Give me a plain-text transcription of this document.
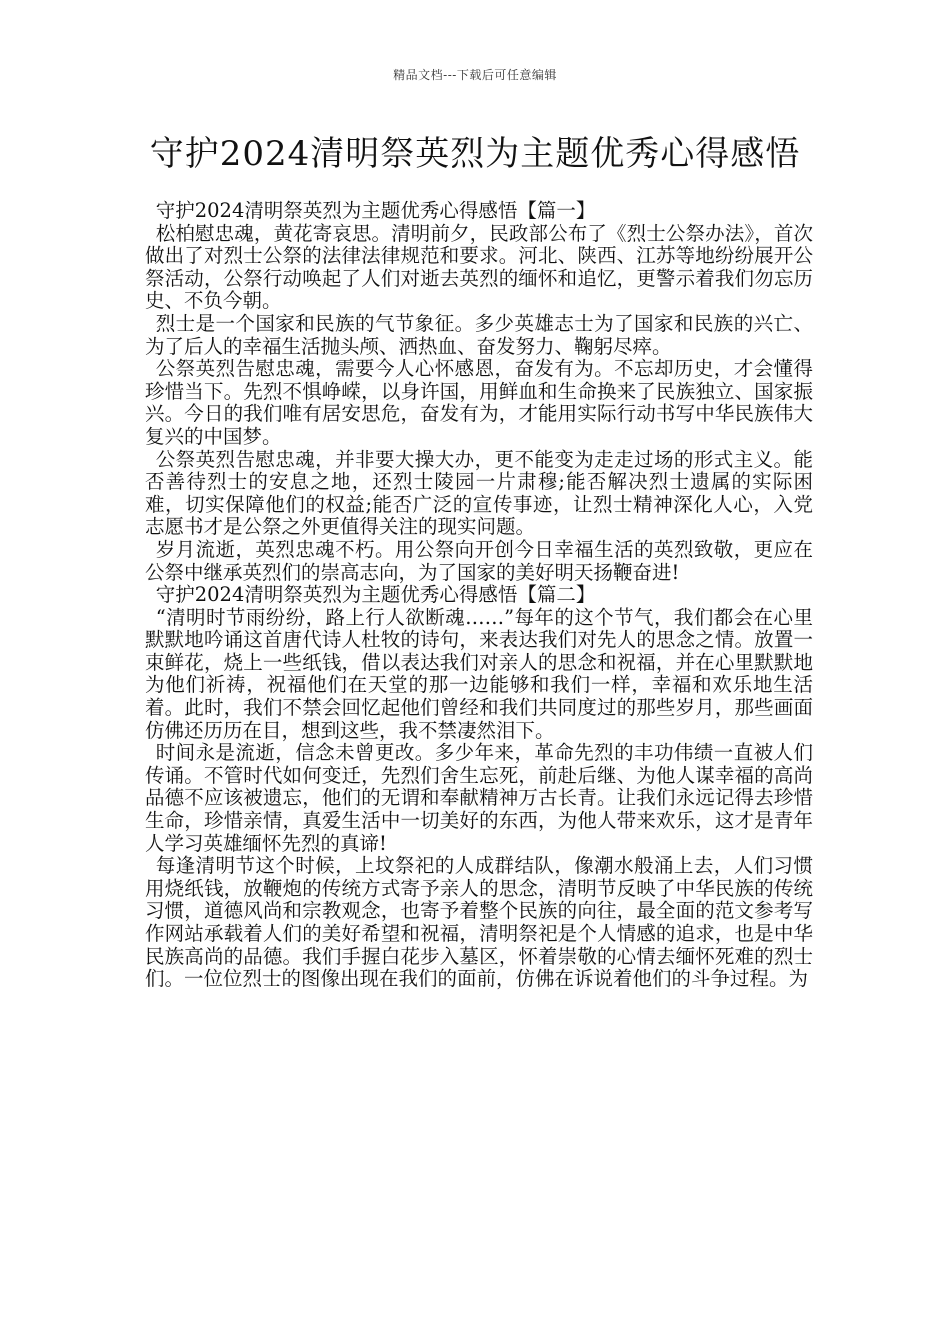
精品文档---下载后可任意编辑
守护2024清明祭英烈为主题优秀心得感悟

守护2024清明祭英烈为主题优秀心得感悟【篇一】

松柏慰忠魂，黄花寄哀思。清明前夕，民政部公布了《烈士公祭办法》，首次做出了对烈士公祭的法律法律规范和要求。河北、陕西、江苏等地纷纷展开公祭活动，公祭行动唤起了人们对逝去英烈的缅怀和追忆，更警示着我们勿忘历史、不负今朝。

烈士是一个国家和民族的气节象征。多少英雄志士为了国家和民族的兴亡、为了后人的幸福生活抛头颅、洒热血、奋发努力、鞠躬尽瘁。

公祭英烈告慰忠魂，需要今人心怀感恩，奋发有为。不忘却历史，才会懂得珍惜当下。先烈不惧峥嵘，以身许国，用鲜血和生命换来了民族独立、国家振兴。今日的我们唯有居安思危，奋发有为，才能用实际行动书写中华民族伟大复兴的中国梦。

公祭英烈告慰忠魂，并非要大操大办，更不能变为走走过场的形式主义。能否善待烈士的安息之地，还烈士陵园一片肃穆;能否解决烈士遗属的实际困难，切实保障他们的权益;能否广泛的宣传事迹，让烈士精神深化人心，入党志愿书才是公祭之外更值得关注的现实问题。

岁月流逝，英烈忠魂不朽。用公祭向开创今日幸福生活的英烈致敬，更应在公祭中继承英烈们的崇高志向，为了国家的美好明天扬鞭奋进!

守护2024清明祭英烈为主题优秀心得感悟【篇二】

“清明时节雨纷纷，路上行人欲断魂……”每年的这个节气，我们都会在心里默默地吟诵这首唐代诗人杜牧的诗句，来表达我们对先人的思念之情。放置一束鲜花，烧上一些纸钱，借以表达我们对亲人的思念和祝福，并在心里默默地为他们祈祷，祝福他们在天堂的那一边能够和我们一样，幸福和欢乐地生活着。此时，我们不禁会回忆起他们曾经和我们共同度过的那些岁月，那些画面仿佛还历历在目，想到这些，我不禁凄然泪下。

时间永是流逝，信念未曾更改。多少年来，革命先烈的丰功伟绩一直被人们传诵。不管时代如何变迁，先烈们舍生忘死，前赴后继、为他人谋幸福的高尚品德不应该被遗忘，他们的无谓和奉献精神万古长青。让我们永远记得去珍惜生命，珍惜亲情，真爱生活中一切美好的东西，为他人带来欢乐，这才是青年人学习英雄缅怀先烈的真谛!

每逢清明节这个时候，上坟祭祀的人成群结队，像潮水般涌上去，人们习惯用烧纸钱，放鞭炮的传统方式寄予亲人的思念，清明节反映了中华民族的传统习惯，道德风尚和宗教观念，也寄予着整个民族的向往，最全面的范文参考写作网站承载着人们的美好希望和祝福，清明祭祀是个人情感的追求，也是中华民族高尚的品德。我们手握白花步入墓区，怀着崇敬的心情去缅怀死难的烈士们。一位位烈士的图像出现在我们的面前，仿佛在诉说着他们的斗争过程。为
